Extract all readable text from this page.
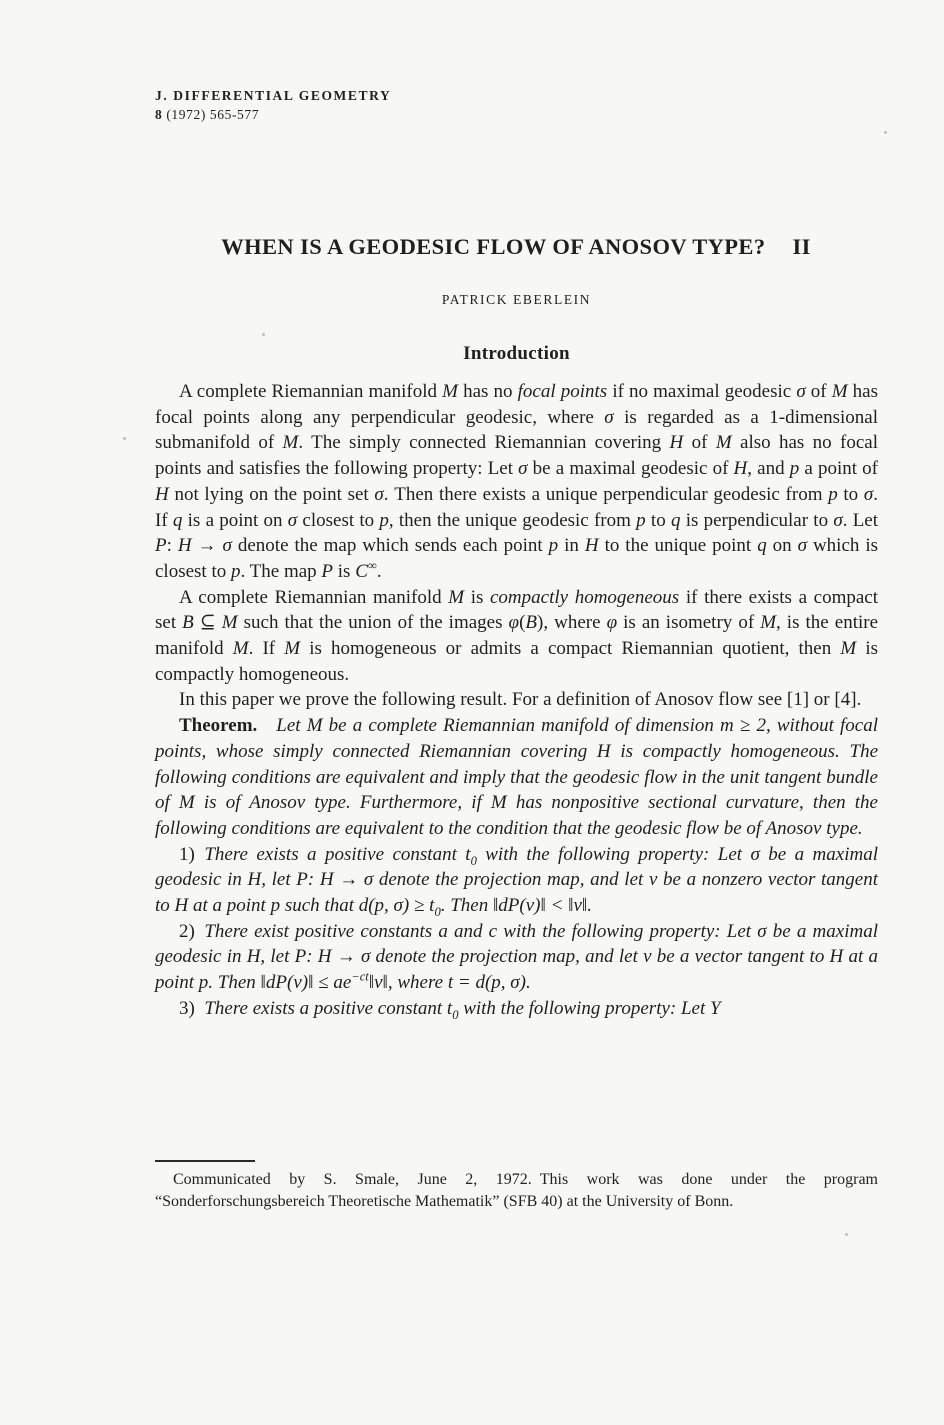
J. DIFFERENTIAL GEOMETRY
8 (1972) 565-577
WHEN IS A GEODESIC FLOW OF ANOSOV TYPE? II
PATRICK EBERLEIN
Introduction

A complete Riemannian manifold M has no focal points if no maximal geodesic σ of M has focal points along any perpendicular geodesic, where σ is regarded as a 1-dimensional submanifold of M. The simply connected Riemannian covering H of M also has no focal points and satisfies the following property: Let σ be a maximal geodesic of H, and p a point of H not lying on the point set σ. Then there exists a unique perpendicular geodesic from p to σ. If q is a point on σ closest to p, then the unique geodesic from p to q is perpendicular to σ. Let P: H → σ denote the map which sends each point p in H to the unique point q on σ which is closest to p. The map P is C∞.

A complete Riemannian manifold M is compactly homogeneous if there exists a compact set B ⊆ M such that the union of the images φ(B), where φ is an isometry of M, is the entire manifold M. If M is homogeneous or admits a compact Riemannian quotient, then M is compactly homogeneous.

In this paper we prove the following result. For a definition of Anosov flow see [1] or [4].

Theorem.  Let M be a complete Riemannian manifold of dimension m ≥ 2, without focal points, whose simply connected Riemannian covering H is compactly homogeneous. The following conditions are equivalent and imply that the geodesic flow in the unit tangent bundle of M is of Anosov type. Furthermore, if M has nonpositive sectional curvature, then the following conditions are equivalent to the condition that the geodesic flow be of Anosov type.

1) There exists a positive constant $t_0$ with the following property: Let σ be a maximal geodesic in H, let P: H → σ denote the projection map, and let v be a nonzero vector tangent to H at a point p such that d(p, $\sigma) \ge t_0$. Then ‖dP(v)‖ < ‖v‖.

2) There exist positive constants a and c with the following property: Let σ be a maximal geodesic in H, let P: H → σ denote the projection map, and let v be a vector tangent to H at a point p. Then ‖dP(v)‖ ≤ $ae^{-ct}‖v‖$, where t = d(p, σ).

3) There exists a positive constant $t_0$ with the following property: Let Y

Communicated by S. Smale, June 2, 1972. This work was done under the program “Sonderforschungsbereich Theoretische Mathematik” (SFB 40) at the University of Bonn.
